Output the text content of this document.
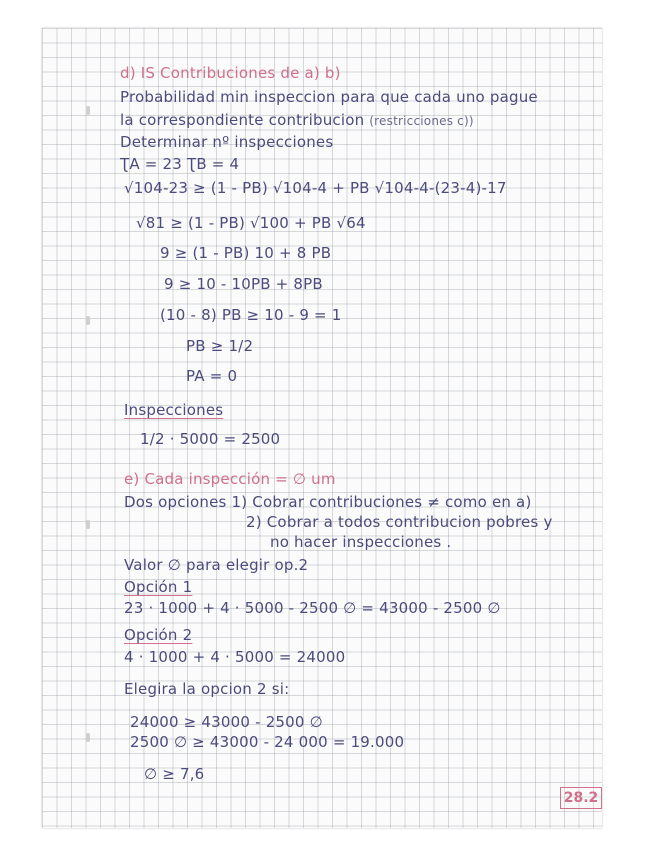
d) IS Contribuciones de a) b)
Probabilidad min inspeccion para que cada uno pague
la correspondiente contribucion (restricciones c))
Determinar nº inspecciones
ƮA = 23 ƮB = 4
√104-23 ≥ (1 - PB) √104-4 + PB √104-4-(23-4)-17
√81 ≥ (1 - PB) √100 + PB √64
9 ≥ (1 - PB) 10 + 8 PB
9 ≥ 10 - 10PB + 8PB
(10 - 8) PB ≥ 10 - 9 = 1
PB ≥ 1/2
PA = 0
Inspecciones
1/2 · 5000 = 2500
e) Cada inspección = ∅ um
Dos opciones 1) Cobrar contribuciones ≠ como en a)
2) Cobrar a todos contribucion pobres y
no hacer inspecciones .
Valor ∅ para elegir op.2
Opción 1
23 · 1000 + 4 · 5000 - 2500 ∅ = 43000 - 2500 ∅
Opción 2
4 · 1000 + 4 · 5000 = 24000
Elegira la opcion 2 si:
24000 ≥ 43000 - 2500 ∅
2500 ∅ ≥ 43000 - 24 000 = 19.000
∅ ≥ 7,6
28.2
